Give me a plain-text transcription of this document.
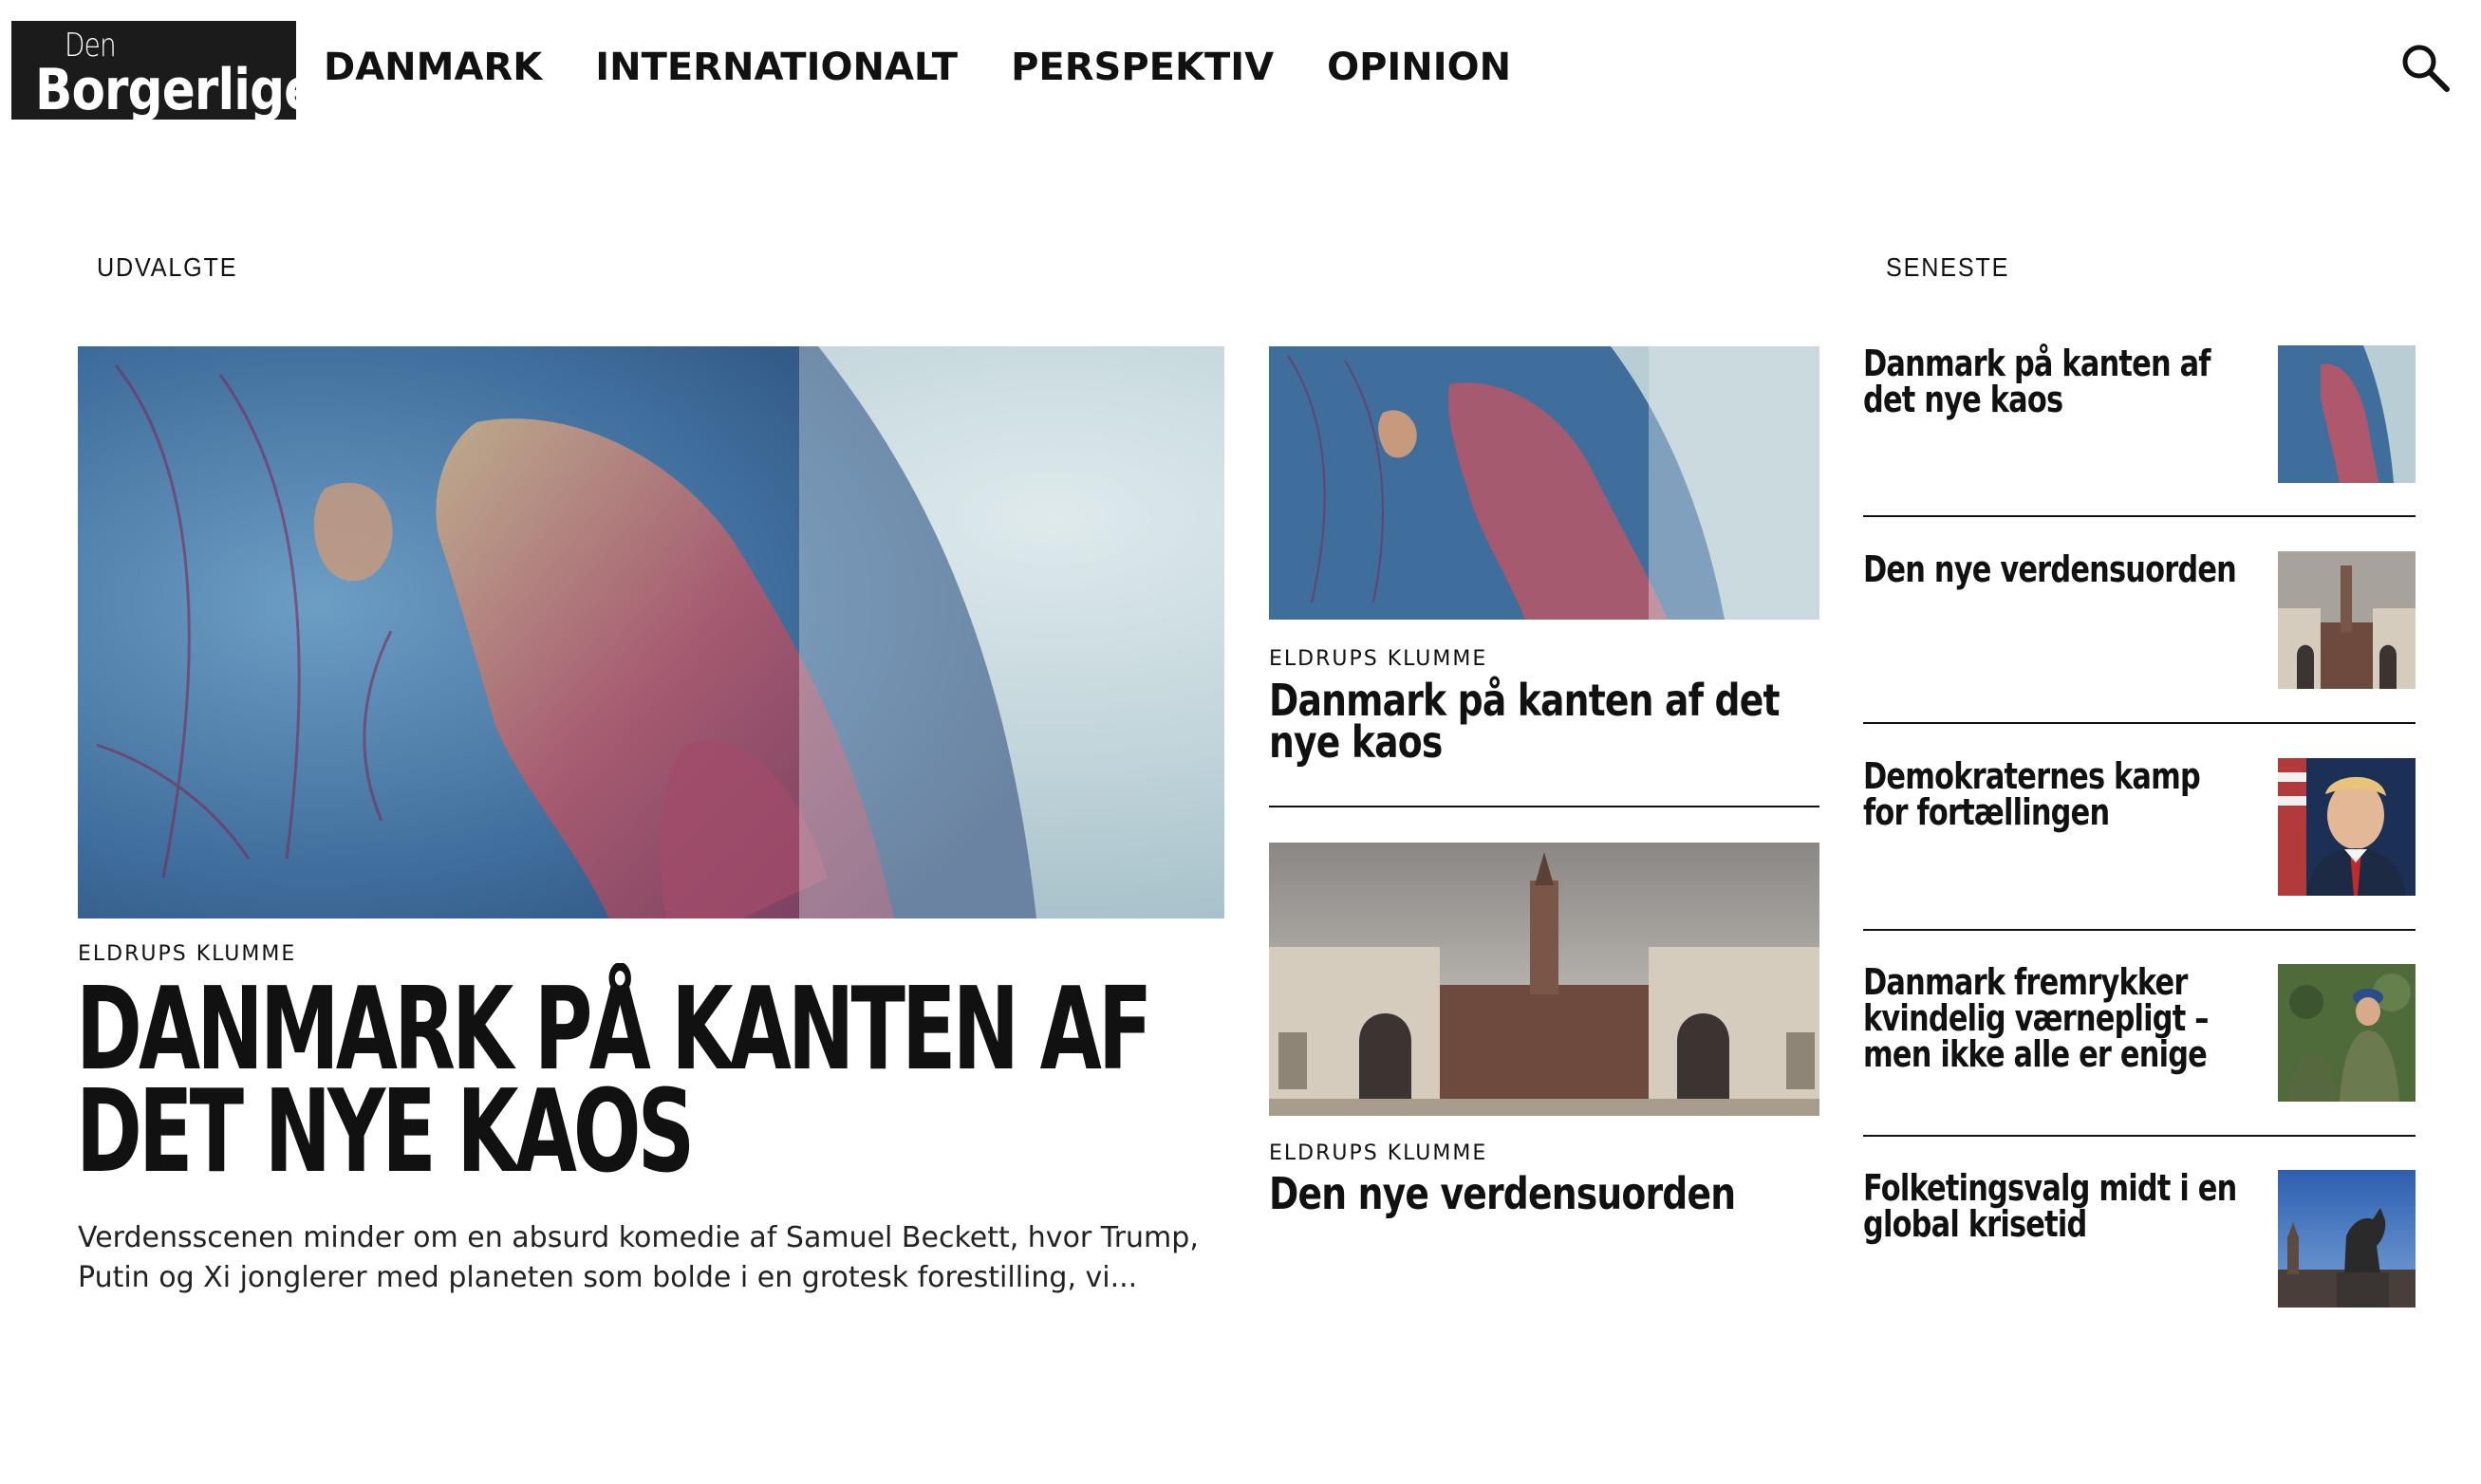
Den
Borgerlige DANMARK INTERNATIONALT PERSPEKTIV OPINION
UDVALGTE	SENESTE
ELDRUPS KLUMME
DANMARK PÅ KANTEN AF DET NYE KAOS
Verdensscenen minder om en absurd komedie af Samuel Beckett, hvor Trump, Putin og Xi jonglerer med planeten som bolde i en grotesk forestilling, vi...
ELDRUPS KLUMME
Danmark på kanten af det nye kaos
ELDRUPS KLUMME
Den nye verdensuorden
Danmark på kanten af det nye kaos
Den nye verdensuorden
Demokraternes kamp for fortællingen
Danmark fremrykker kvindelig værnepligt – men ikke alle er enige
Folketingsvalg midt i en global krisetid
